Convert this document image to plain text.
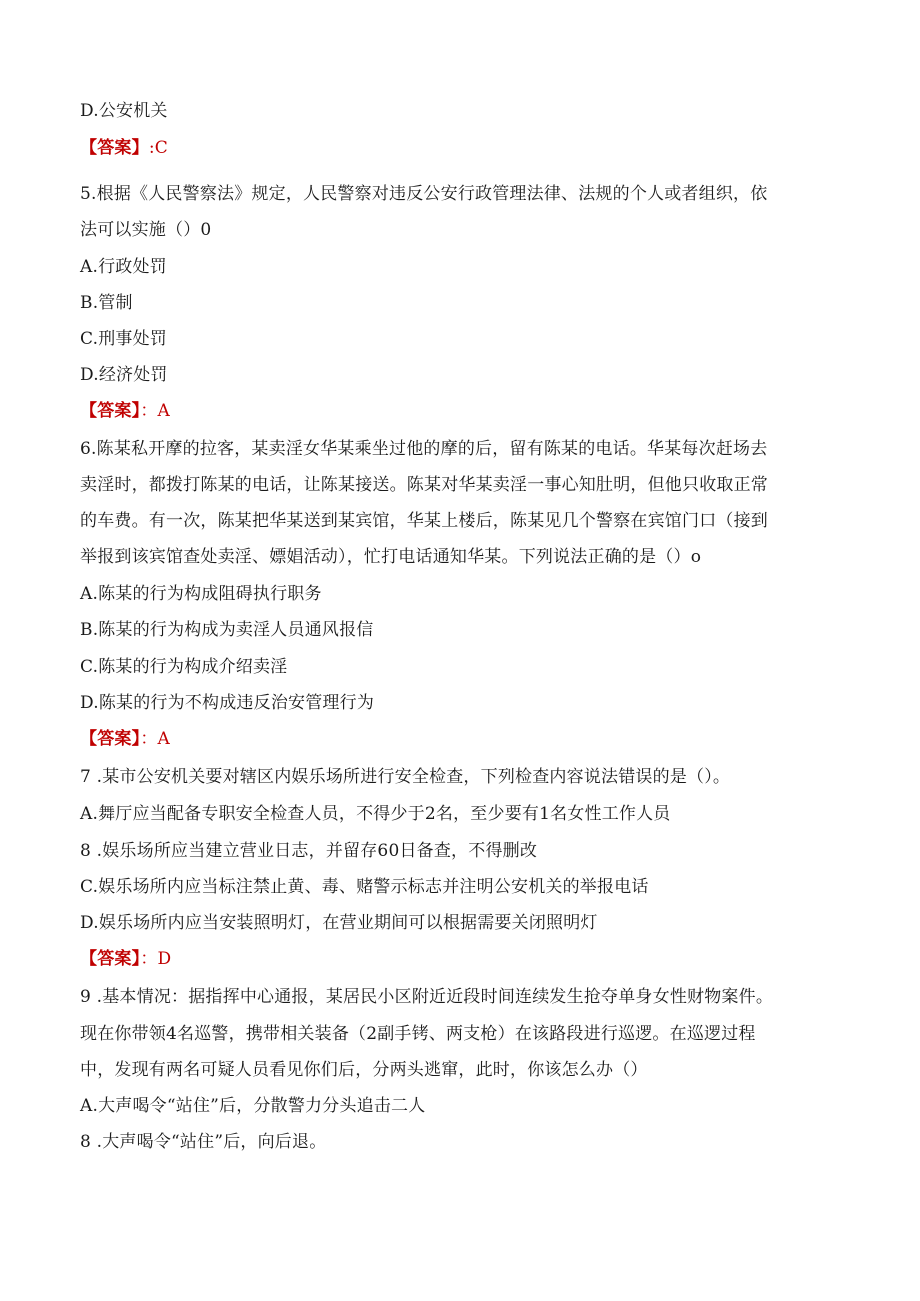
D.公安机关
【答案】:C
5.根据《人民警察法》规定，人民警察对违反公安行政管理法律、法规的个人或者组织，依
法可以实施（）0
A.行政处罚
B.管制
C.刑事处罚
D.经济处罚
【答案】：A
6.陈某私开摩的拉客，某卖淫女华某乘坐过他的摩的后，留有陈某的电话。华某每次赶场去
卖淫时，都拨打陈某的电话，让陈某接送。陈某对华某卖淫一事心知肚明，但他只收取正常
的车费。有一次，陈某把华某送到某宾馆，华某上楼后，陈某见几个警察在宾馆门口（接到
举报到该宾馆查处卖淫、嫖娼活动），忙打电话通知华某。下列说法正确的是（）o
A.陈某的行为构成阻碍执行职务
B.陈某的行为构成为卖淫人员通风报信
C.陈某的行为构成介绍卖淫
D.陈某的行为不构成违反治安管理行为
【答案】：A
7 .某市公安机关要对辖区内娱乐场所进行安全检查，下列检查内容说法错误的是（）。
A.舞厅应当配备专职安全检查人员，不得少于2名，至少要有1名女性工作人员
8 .娱乐场所应当建立营业日志，并留存60日备查，不得删改
C.娱乐场所内应当标注禁止黄、毒、赌警示标志并注明公安机关的举报电话
D.娱乐场所内应当安装照明灯，在营业期间可以根据需要关闭照明灯
【答案】：D
9 .基本情况：据指挥中心通报，某居民小区附近近段时间连续发生抢夺单身女性财物案件。
现在你带领4名巡警，携带相关装备（2副手铐、两支枪）在该路段进行巡逻。在巡逻过程
中，发现有两名可疑人员看见你们后，分两头逃窜，此时，你该怎么办（）
A.大声喝令“站住”后，分散警力分头追击二人
8 .大声喝令“站住”后，向后退。
